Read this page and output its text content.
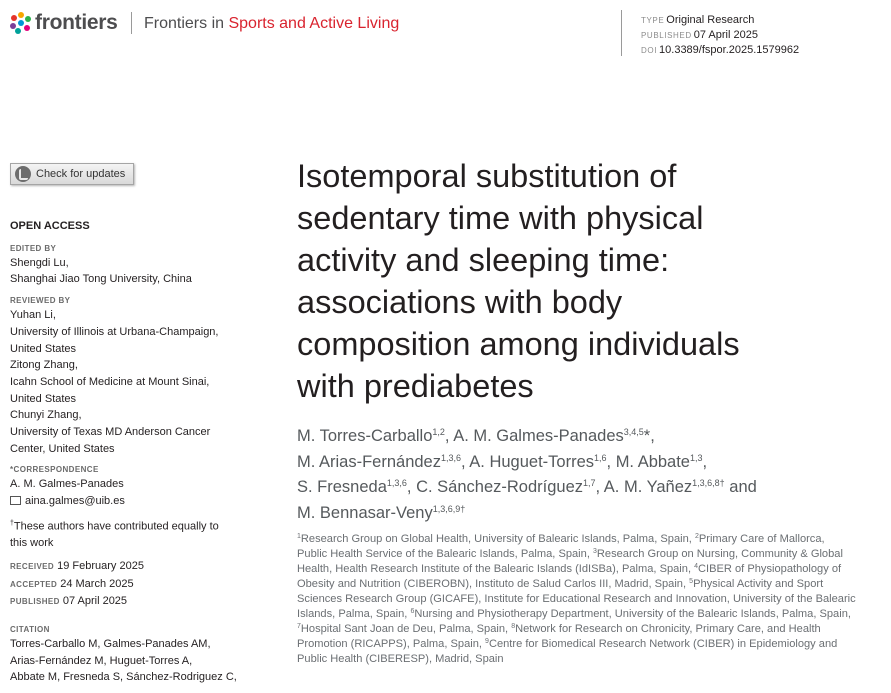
frontiers Frontiers in Sports and Active Living	TYPE Original Research
PUBLISHED 07 April 2025
DOI 10.3389/fspor.2025.1579962
Check for updates
OPEN ACCESS
EDITED BY
Shengdi Lu,
Shanghai Jiao Tong University, China
REVIEWED BY
Yuhan Li,
University of Illinois at Urbana-Champaign,
United States
Zitong Zhang,
Icahn School of Medicine at Mount Sinai,
United States
Chunyi Zhang,
University of Texas MD Anderson Cancer
Center, United States
*CORRESPONDENCE
A. M. Galmes-Panades
aina.galmes@uib.es
†These authors have contributed equally to
this work
RECEIVED 19 February 2025
ACCEPTED 24 March 2025
PUBLISHED 07 April 2025
CITATION
Torres-Carballo M, Galmes-Panades AM,
Arias-Fernández M, Huguet-Torres A,
Abbate M, Fresneda S, Sánchez-Rodriguez C,
Isotemporal substitution of
sedentary time with physical
activity and sleeping time:
associations with body
composition among individuals
with prediabetes
M. Torres-Carballo$^{1,2}$, A. M. Galmes-Panades$^{3,4,5}$*,
M. Arias-Fernández$^{1,3,6}$, A. Huguet-Torres$^{1,6}$, M. Abbate$^{1,3}$,
S. Fresneda$^{1,3,6}$, C. Sánchez-Rodríguez$^{1,7}$, A. M. Yañez$^{1,3,6,8\dagger}$ and
M. Bennasar-Veny$^{1,3,6,9\dagger}$
$^1$Research Group on Global Health, University of Balearic Islands, Palma, Spain, $^2$Primary Care of Mallorca, Public Health Service of the Balearic Islands, Palma, Spain, $^3$Research Group on Nursing, Community & Global Health, Health Research Institute of the Balearic Islands (IdISBa), Palma, Spain, $^4$CIBER of Physiopathology of Obesity and Nutrition (CIBEROBN), Instituto de Salud Carlos III, Madrid, Spain, $^5$Physical Activity and Sport Sciences Research Group (GICAFE), Institute for Educational Research and Innovation, University of the Balearic Islands, Palma, Spain, $^6$Nursing and Physiotherapy Department, University of the Balearic Islands, Palma, Spain, $^7$Hospital Sant Joan de Deu, Palma, Spain, $^8$Network for Research on Chronicity, Primary Care, and Health Promotion (RICAPPS), Palma, Spain, $^9$Centre for Biomedical Research Network (CIBER) in Epidemiology and Public Health (CIBERESP), Madrid, Spain
